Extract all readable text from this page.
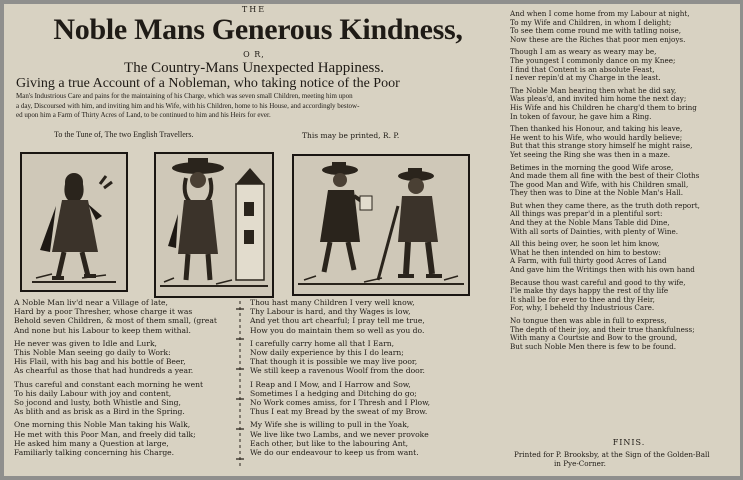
THE
Noble Mans Generous Kindness,
O R,
The Country-Mans Unexpected Happiness.
Giving a true Account of a Nobleman, who taking notice of the Poor
Man's Industrious Care and pains for the maintaining of his Charge, which was seven small Children, meeting him upon
a day, Discoursed with him, and inviting him and his Wife, with his Children, home to his House, and accordingly bestow-
ed upon him a Farm of Thirty Acres of Land, to be continued to him and his Heirs for ever.
To the Tune of, The two English Travellers.	This may be printed, R. P.
A Noble Man liv'd near a Village of late,
Hard by a poor Thresher, whose charge it was
Behold seven Children, & most of them small, (great
And none but his Labour to keep them withal.
He never was given to Idle and Lurk,
This Noble Man seeing go daily to Work:
His Flail, with his bag and his bottle of Beer,
As chearful as those that had hundreds a year.
Thus careful and constant each morning he went
To his daily Labour with joy and content,
So jocond and lusty, both Whistle and Sing,
As blith and as brisk as a Bird in the Spring.
One morning this Noble Man taking his Walk,
He met with this Poor Man, and freely did talk;
He asked him many a Question at large,
Familiarly talking concerning his Charge.
Thou hast many Children I very well know,
Thy Labour is hard, and thy Wages is low,
And yet thou art chearful; I pray tell me true,
How you do maintain them so well as you do.
I carefully carry home all that I Earn,
Now daily experience by this I do learn;
That though it is possible we may live poor,
We still keep a ravenous Woolf from the door.
I Reap and I Mow, and I Harrow and Sow,
Sometimes I a hedging and Ditching do go;
No Work comes amiss, for I Thresh and I Plow,
Thus I eat my Bread by the sweat of my Brow.
My Wife she is willing to pull in the Yoak,
We live like two Lambs, and we never provoke
Each other, but like to the labouring Ant,
We do our endeavour to keep us from want.
And when I come home from my Labour at night,
To my Wife and Children, in whom I delight;
To see them come round me with tatling noise,
Now these are the Riches that poor men enjoys.
Though I am as weary as weary may be,
The youngest I commonly dance on my Knee;
I find that Content is an absolute Feast,
I never repin'd at my Charge in the least.
The Noble Man hearing then what he did say,
Was pleas'd, and invited him home the next day;
His Wife and his Children he charg'd them to bring
In token of favour, he gave him a Ring.
Then thanked his Honour, and taking his leave,
He went to his Wife, who would hardly believe;
But that this strange story himself he might raise,
Yet seeing the Ring she was then in a maze.
Betimes in the morning the good Wife arose,
And made them all fine with the best of their Cloths
The good Man and Wife, with his Children small,
They then was to Dine at the Noble Man's Hall.
But when they came there, as the truth doth report,
All things was prepar'd in a plentiful sort:
And they at the Noble Mans Table did Dine,
With all sorts of Dainties, with plenty of Wine.
All this being over, he soon let him know,
What he then intended on him to bestow:
A Farm, with full thirty good Acres of Land
And gave him the Writings then with his own hand
Because thou wast careful and good to thy wife,
I'le make thy days happy the rest of thy life
It shall be for ever to thee and thy Heir,
For, why, I beheld thy Industrious Care.
No tongue then was able in full to express,
The depth of their joy, and their true thankfulness;
With many a Courtsie and Bow to the ground,
But such Noble Men there is few to be found.
FINIS.
Printed for P. Brooksby, at the Sign of the Golden-Ball
in Pye-Corner.
